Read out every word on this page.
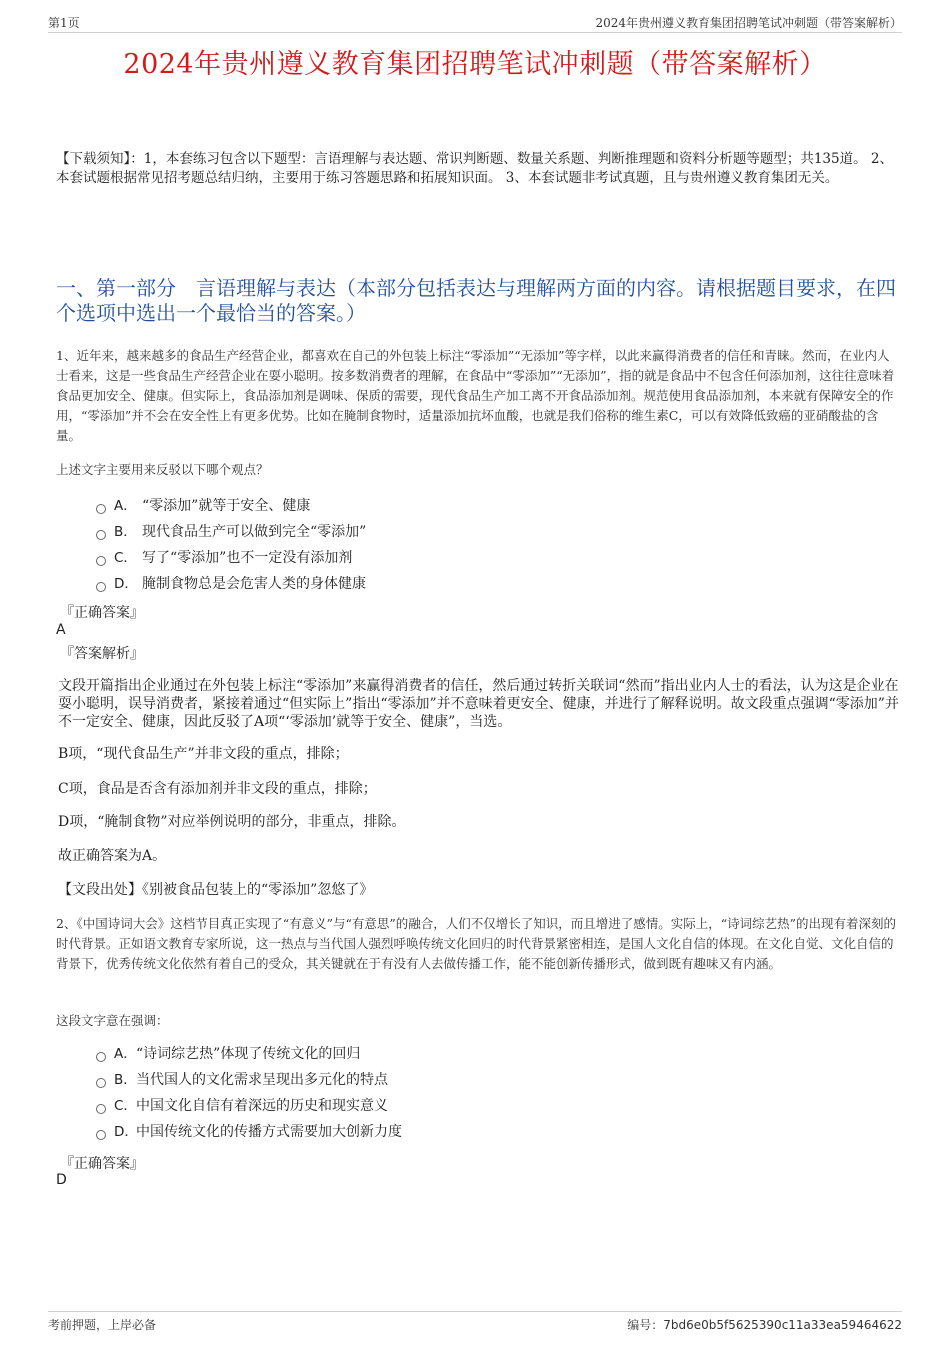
第1页	2024年贵州遵义教育集团招聘笔试冲刺题（带答案解析）
2024年贵州遵义教育集团招聘笔试冲刺题（带答案解析）
【下载须知】：1，本套练习包含以下题型：言语理解与表达题、常识判断题、数量关系题、判断推理题和资料分析题等题型；共135道。 2、本套试题根据常见招考题总结归纳，主要用于练习答题思路和拓展知识面。 3、本套试题非考试真题，且与贵州遵义教育集团无关。
一、第一部分　言语理解与表达（本部分包括表达与理解两方面的内容。请根据题目要求，在四个选项中选出一个最恰当的答案。）
1、近年来，越来越多的食品生产经营企业，都喜欢在自己的外包装上标注“零添加”“无添加”等字样，以此来赢得消费者的信任和青睐。然而，在业内人士看来，这是一些食品生产经营企业在耍小聪明。按多数消费者的理解，在食品中“零添加”“无添加”，指的就是食品中不包含任何添加剂，这往往意味着食品更加安全、健康。但实际上，食品添加剂是调味、保质的需要，现代食品生产加工离不开食品添加剂。规范使用食品添加剂，本来就有保障安全的作用，“零添加”并不会在安全性上有更多优势。比如在腌制食物时，适量添加抗坏血酸，也就是我们俗称的维生素C，可以有效降低致癌的亚硝酸盐的含量。
上述文字主要用来反驳以下哪个观点？
A． “零添加”就等于安全、健康
B． 现代食品生产可以做到完全“零添加”
C． 写了“零添加”也不一定没有添加剂
D． 腌制食物总是会危害人类的身体健康
『正确答案』
A
『答案解析』
文段开篇指出企业通过在外包装上标注“零添加”来赢得消费者的信任，然后通过转折关联词“然而”指出业内人士的看法，认为这是企业在耍小聪明，误导消费者，紧接着通过“但实际上”指出“零添加”并不意味着更安全、健康，并进行了解释说明。故文段重点强调“零添加”并不一定安全、健康，因此反驳了A项“‘零添加’就等于安全、健康”，当选。
B项，“现代食品生产”并非文段的重点，排除；
C项，食品是否含有添加剂并非文段的重点，排除；
D项，“腌制食物”对应举例说明的部分，非重点，排除。
故正确答案为A。
【文段出处】《别被食品包装上的“零添加”忽悠了》
2、《中国诗词大会》这档节目真正实现了“有意义”与“有意思”的融合，人们不仅增长了知识，而且增进了感情。实际上，“诗词综艺热”的出现有着深刻的时代背景。正如语文教育专家所说，这一热点与当代国人强烈呼唤传统文化回归的时代背景紧密相连，是国人文化自信的体现。在文化自觉、文化自信的背景下，优秀传统文化依然有着自己的受众，其关键就在于有没有人去做传播工作，能不能创新传播形式，做到既有趣味又有内涵。
这段文字意在强调：
A． “诗词综艺热”体现了传统文化的回归
B． 当代国人的文化需求呈现出多元化的特点
C． 中国文化自信有着深远的历史和现实意义
D．
中国传统文化的传播方式需要加大创新力度
『正确答案』
D
考前押题，上岸必备	编号：7bd6e0b5f5625390c11a33ea59464622
